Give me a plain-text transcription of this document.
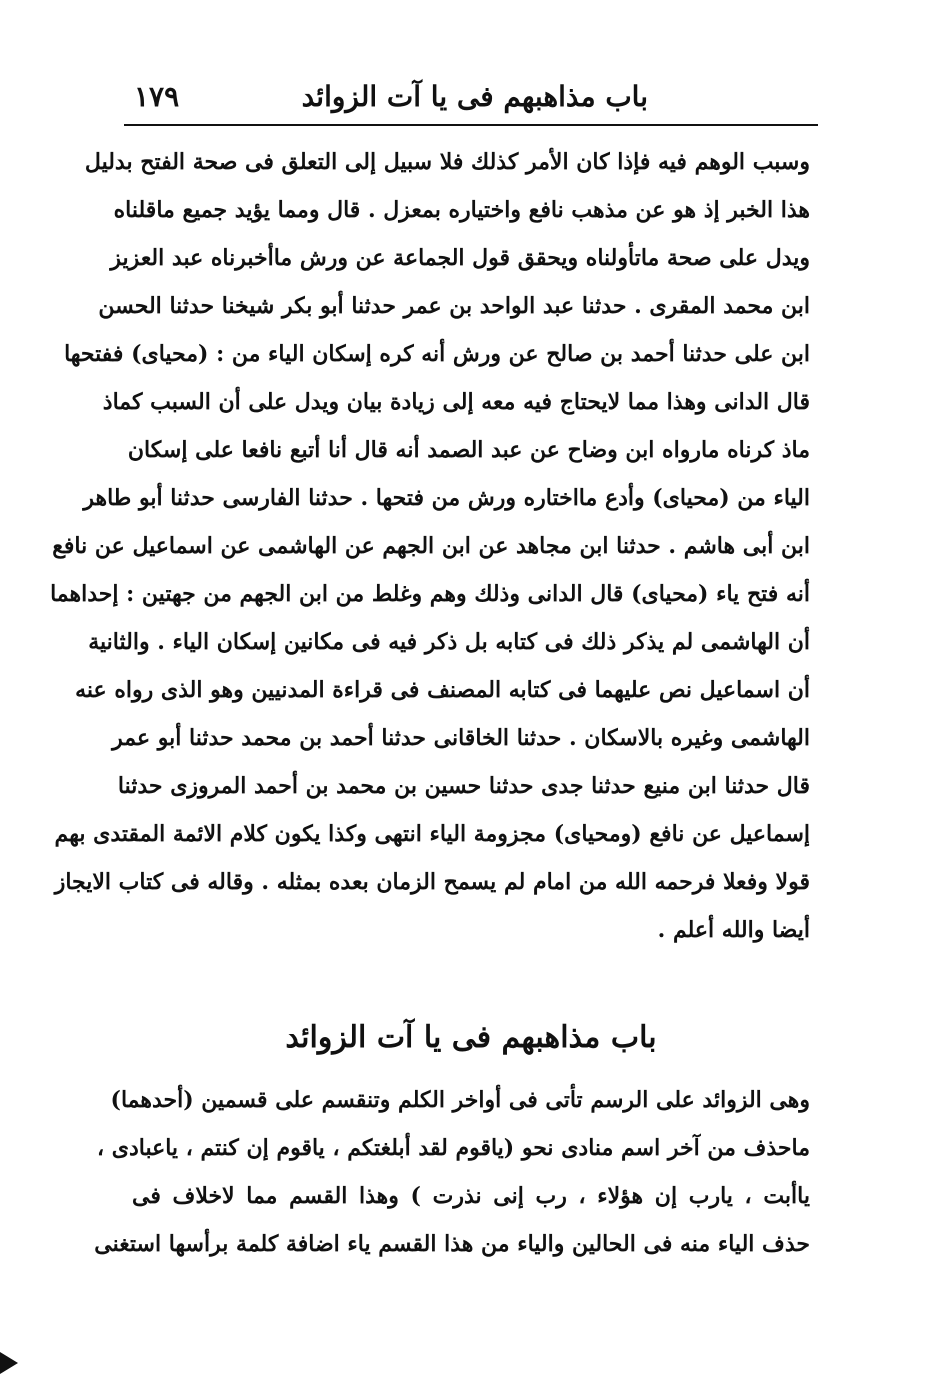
باب مذاهبهم فى يا آت الزوائد
١٧٩
وسبب الوهم فيه فإذا كان الأمر كذلك فلا سبيل إلى التعلق فى صحة الفتح بدليل
هذا الخبر إذ هو عن مذهب نافع واختياره بمعزل . قال ومما يؤيد جميع ماقلناه
ويدل على صحة ماتأولناه ويحقق قول الجماعة عن ورش ماأخبرناه عبد العزيز
ابن محمد المقرى . حدثنا عبد الواحد بن عمر حدثنا أبو بكر شيخنا حدثنا الحسن
ابن على حدثنا أحمد بن صالح عن ورش أنه كره إسكان الياء من : (محياى) ففتحها
قال الدانى وهذا مما لايحتاج فيه معه إلى زيادة بيان ويدل على أن السبب كماذ
ماذ كرناه مارواه ابن وضاح عن عبد الصمد أنه قال أنا أتبع نافعا على إسكان
الياء من (محياى) وأدع مااختاره ورش من فتحها . حدثنا الفارسى حدثنا أبو طاهر
ابن أبى هاشم . حدثنا ابن مجاهد عن ابن الجهم عن الهاشمى عن اسماعيل عن نافع
أنه فتح ياء (محياى) قال الدانى وذلك وهم وغلط من ابن الجهم من جهتين : إحداهما
أن الهاشمى لم يذكر ذلك فى كتابه بل ذكر فيه فى مكانين إسكان الياء . والثانية
أن اسماعيل نص عليهما فى كتابه المصنف فى قراءة المدنيين وهو الذى رواه عنه
الهاشمى وغيره بالاسكان . حدثنا الخاقانى حدثنا أحمد بن محمد حدثنا أبو عمر
قال حدثنا ابن منيع حدثنا جدى حدثنا حسين بن محمد بن أحمد المروزى حدثنا
إسماعيل عن نافع (ومحياى) مجزومة الياء انتهى وكذا يكون كلام الائمة المقتدى بهم
قولا وفعلا فرحمه الله من امام لم يسمح الزمان بعده بمثله . وقاله فى كتاب الايجاز
أيضا والله أعلم .
باب مذاهبهم فى يا آت الزوائد
وهى الزوائد على الرسم تأتى فى أواخر الكلم وتنقسم على قسمين (أحدهما)
ماحذف من آخر اسم منادى نحو (ياقوم لقد أبلغتكم ، ياقوم إن كنتم ، ياعبادى ،
ياأبت ، يارب إن هؤلاء ، رب إنى نذرت ) وهذا القسم مما لاخلاف فى
حذف الياء منه فى الحالين والياء من هذا القسم ياء اضافة كلمة برأسها استغنى
